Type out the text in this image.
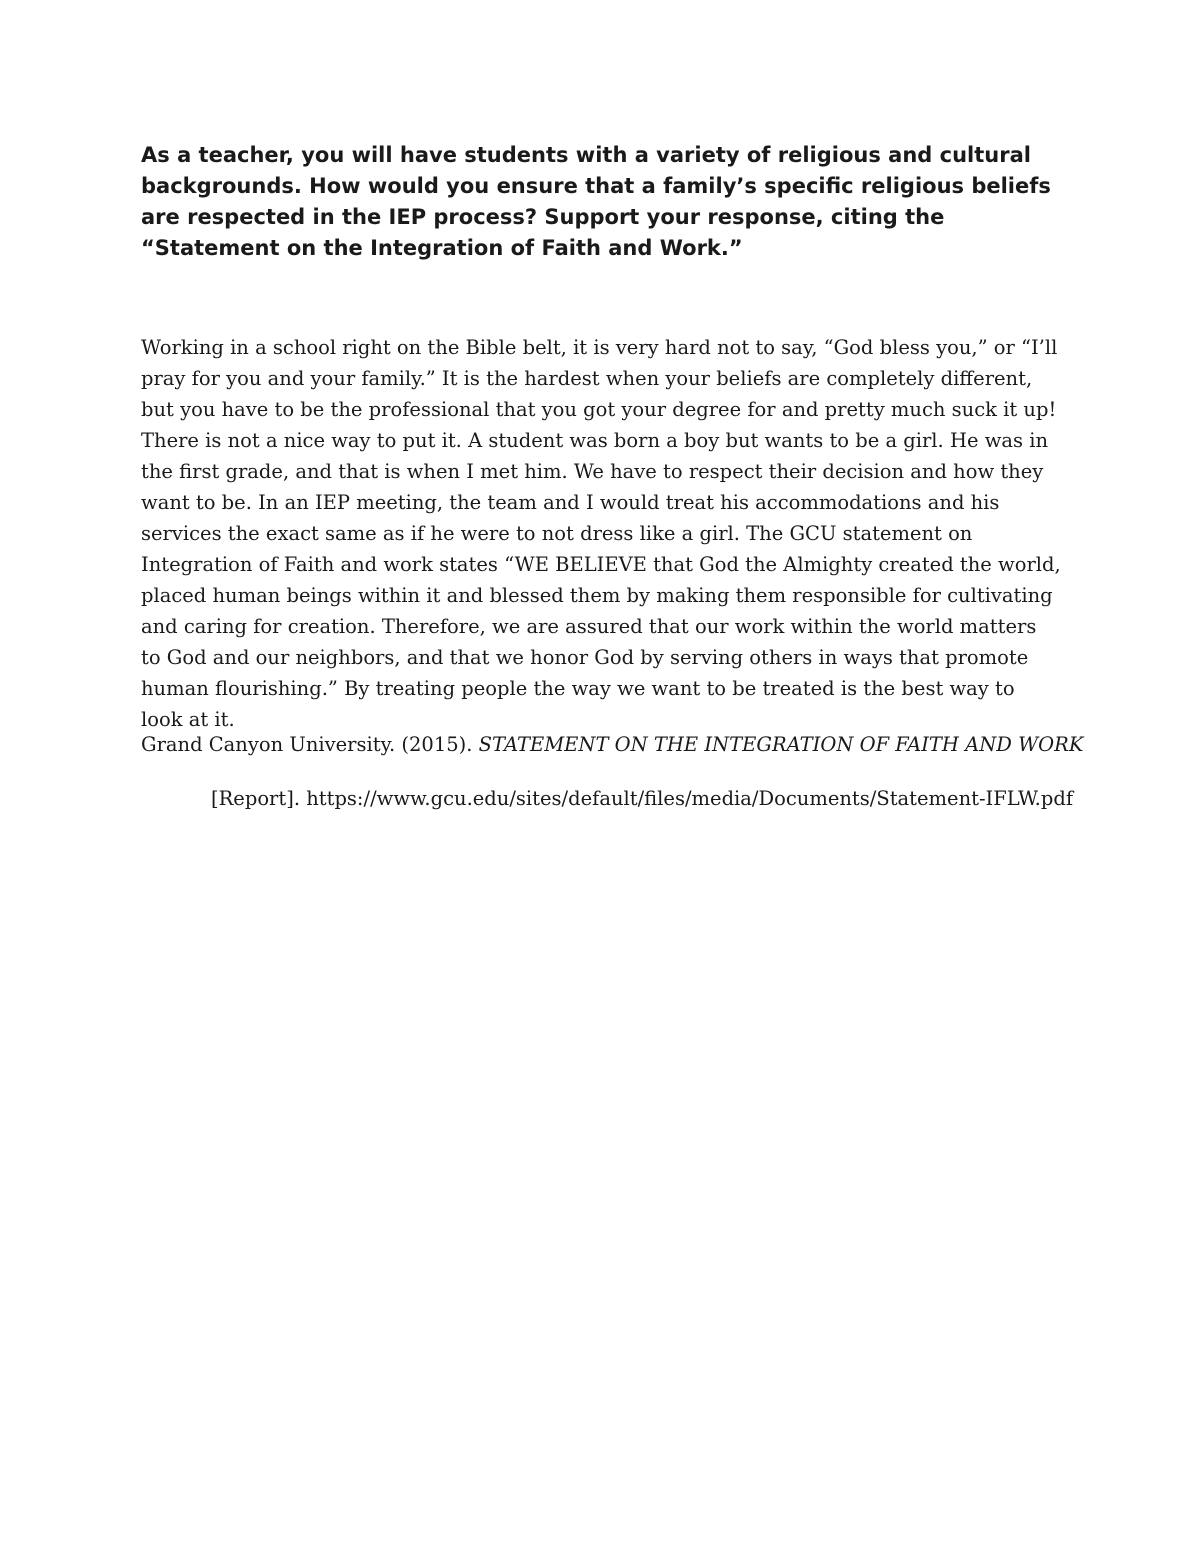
As a teacher, you will have students with a variety of religious and cultural backgrounds. How would you ensure that a family’s specific religious beliefs are respected in the IEP process? Support your response, citing the “Statement on the Integration of Faith and Work.”

Working in a school right on the Bible belt, it is very hard not to say, “God bless you,” or “I’ll pray for you and your family.” It is the hardest when your beliefs are completely different, but you have to be the professional that you got your degree for and pretty much suck it up! There is not a nice way to put it. A student was born a boy but wants to be a girl. He was in the first grade, and that is when I met him. We have to respect their decision and how they want to be. In an IEP meeting, the team and I would treat his accommodations and his services the exact same as if he were to not dress like a girl. The GCU statement on Integration of Faith and work states “WE BELIEVE that God the Almighty created the world, placed human beings within it and blessed them by making them responsible for cultivating and caring for creation. Therefore, we are assured that our work within the world matters to God and our neighbors, and that we honor God by serving others in ways that promote human flourishing.” By treating people the way we want to be treated is the best way to look at it.

Grand Canyon University. (2015). STATEMENT ON THE INTEGRATION OF FAITH AND WORK [Report]. https://www.gcu.edu/sites/default/files/media/Documents/Statement-IFLW.pdf
